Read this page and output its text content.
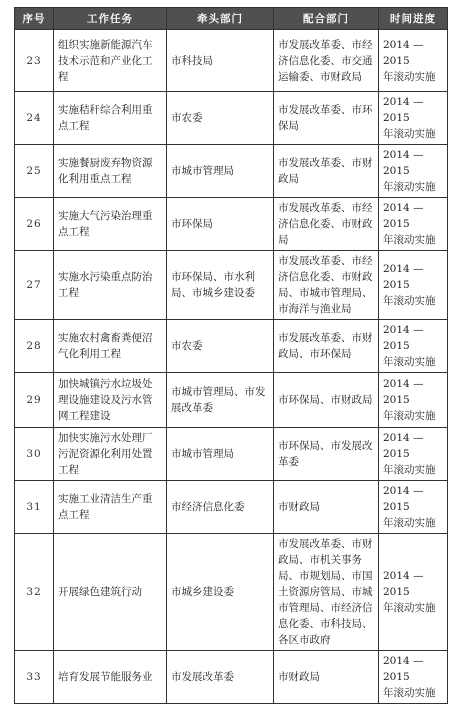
序号	工作任务	牵头部门	配合部门	时间进度
23	组织实施新能源汽车技术示范和产业化工程	市科技局	市发展改革委、市经济信息化委、市交通运输委、市财政局	2014 — 2015
年滚动实施
24	实施秸秆综合利用重点工程	市农委	市发展改革委、市环保局	2014 — 2015
年滚动实施
25	实施餐厨废弃物资源化利用重点工程	市城市管理局	市发展改革委、市财政局	2014 — 2015
年滚动实施
26	实施大气污染治理重点工程	市环保局	市发展改革委、市经济信息化委、市财政局	2014 — 2015
年滚动实施
27	实施水污染重点防治工程	市环保局、市水利局、市城乡建设委	市发展改革委、市经济信息化委、市财政局、市城市管理局、市海洋与渔业局	2014 — 2015
年滚动实施
28	实施农村禽畜粪便沼气化利用工程	市农委	市发展改革委、市财政局、市环保局	2014 — 2015
年滚动实施
29	加快城镇污水垃圾处理设施建设及污水管网工程建设	市城市管理局、市发展改革委	市环保局、市财政局	2014 — 2015
年滚动实施
30	加快实施污水处理厂污泥资源化利用处置工程	市城市管理局	市环保局、市发展改革委	2014 — 2015
年滚动实施
31	实施工业清洁生产重点工程	市经济信息化委	市财政局	2014 — 2015
年滚动实施
32	开展绿色建筑行动	市城乡建设委	市发展改革委、市财政局、市机关事务局、市规划局、市国土资源房管局、市城市管理局、市经济信息化委、市科技局、各区市政府	2014 — 2015
年滚动实施
33	培育发展节能服务业	市发展改革委	市财政局	2014 — 2015
年滚动实施
